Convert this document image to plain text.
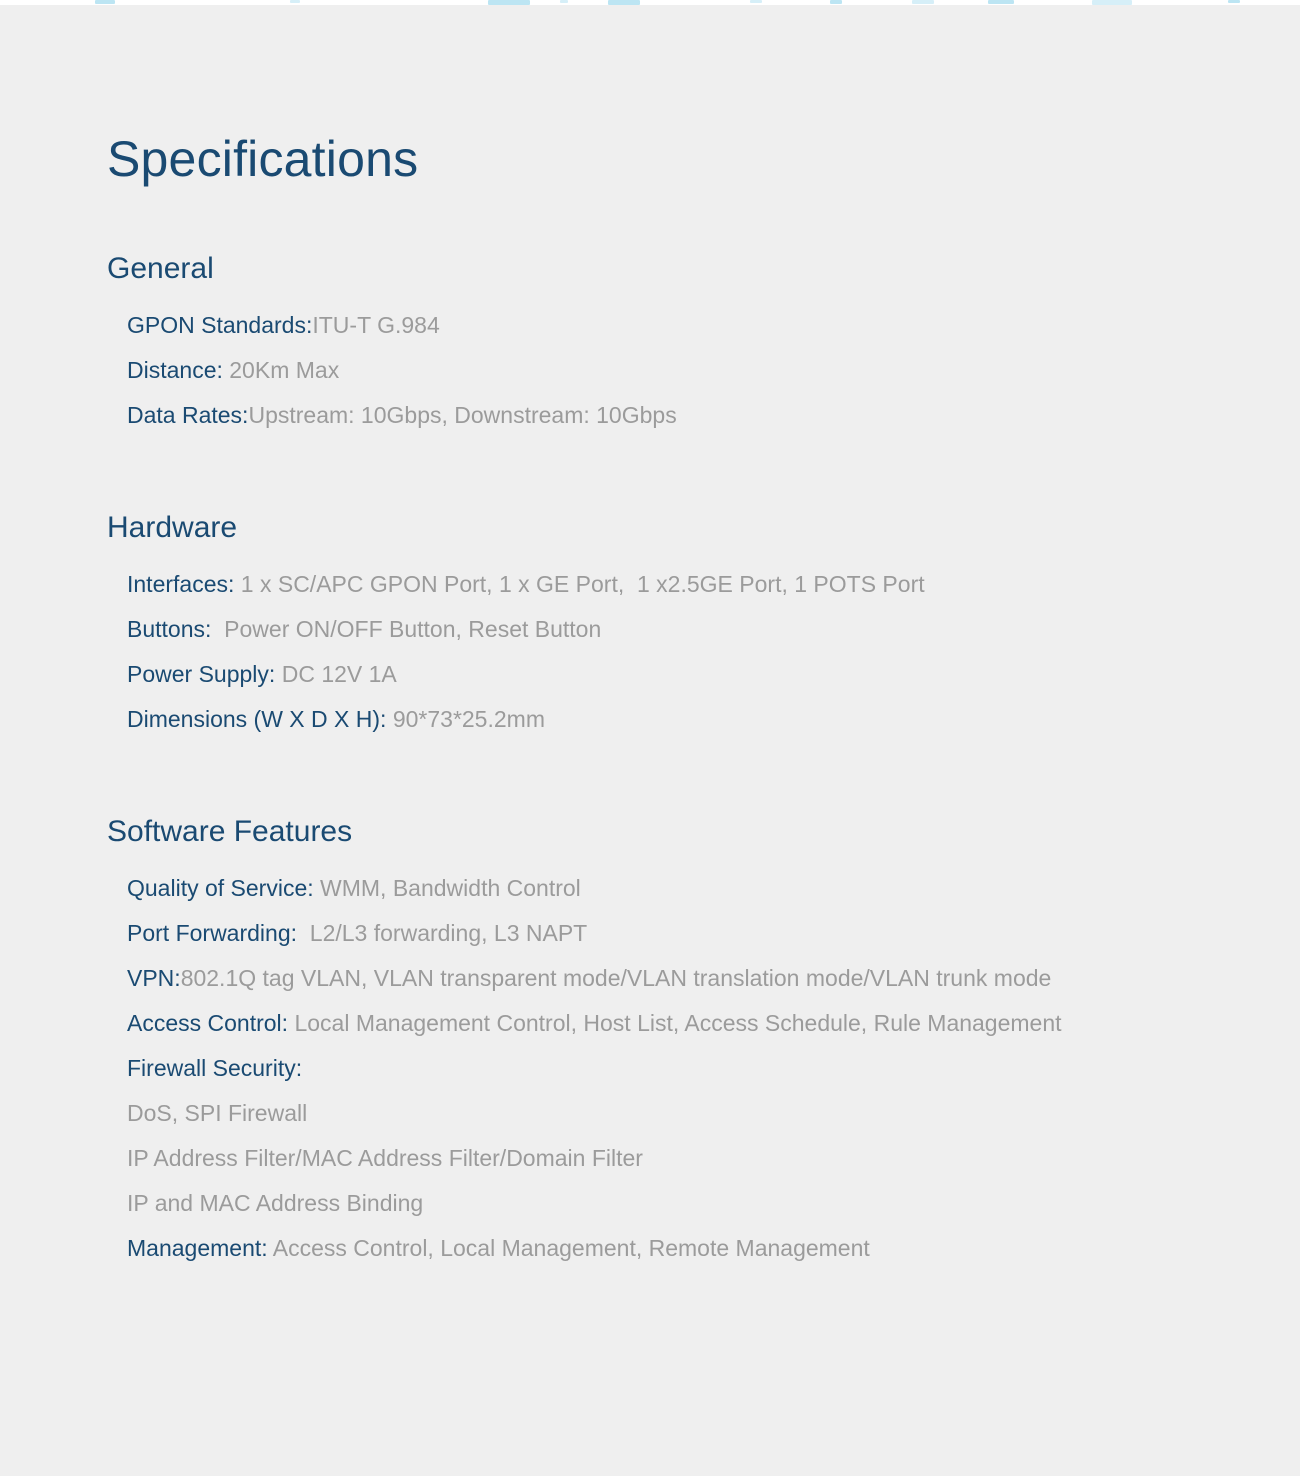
Specifications
General

GPON Standards:ITU-T G.984

Distance: 20Km Max

Data Rates:Upstream: 10Gbps, Downstream: 10Gbps

Hardware

Interfaces: 1 x SC/APC GPON Port, 1 x GE Port,  1 x2.5GE Port, 1 POTS Port

Buttons:  Power ON/OFF Button, Reset Button

Power Supply: DC 12V 1A

Dimensions (W X D X H): 90*73*25.2mm

Software Features

Quality of Service: WMM, Bandwidth Control

Port Forwarding:  L2/L3 forwarding, L3 NAPT

VPN:802.1Q tag VLAN, VLAN transparent mode/VLAN translation mode/VLAN trunk mode

Access Control: Local Management Control, Host List, Access Schedule, Rule Management

Firewall Security:

DoS, SPI Firewall

IP Address Filter/MAC Address Filter/Domain Filter

IP and MAC Address Binding

Management: Access Control, Local Management, Remote Management
